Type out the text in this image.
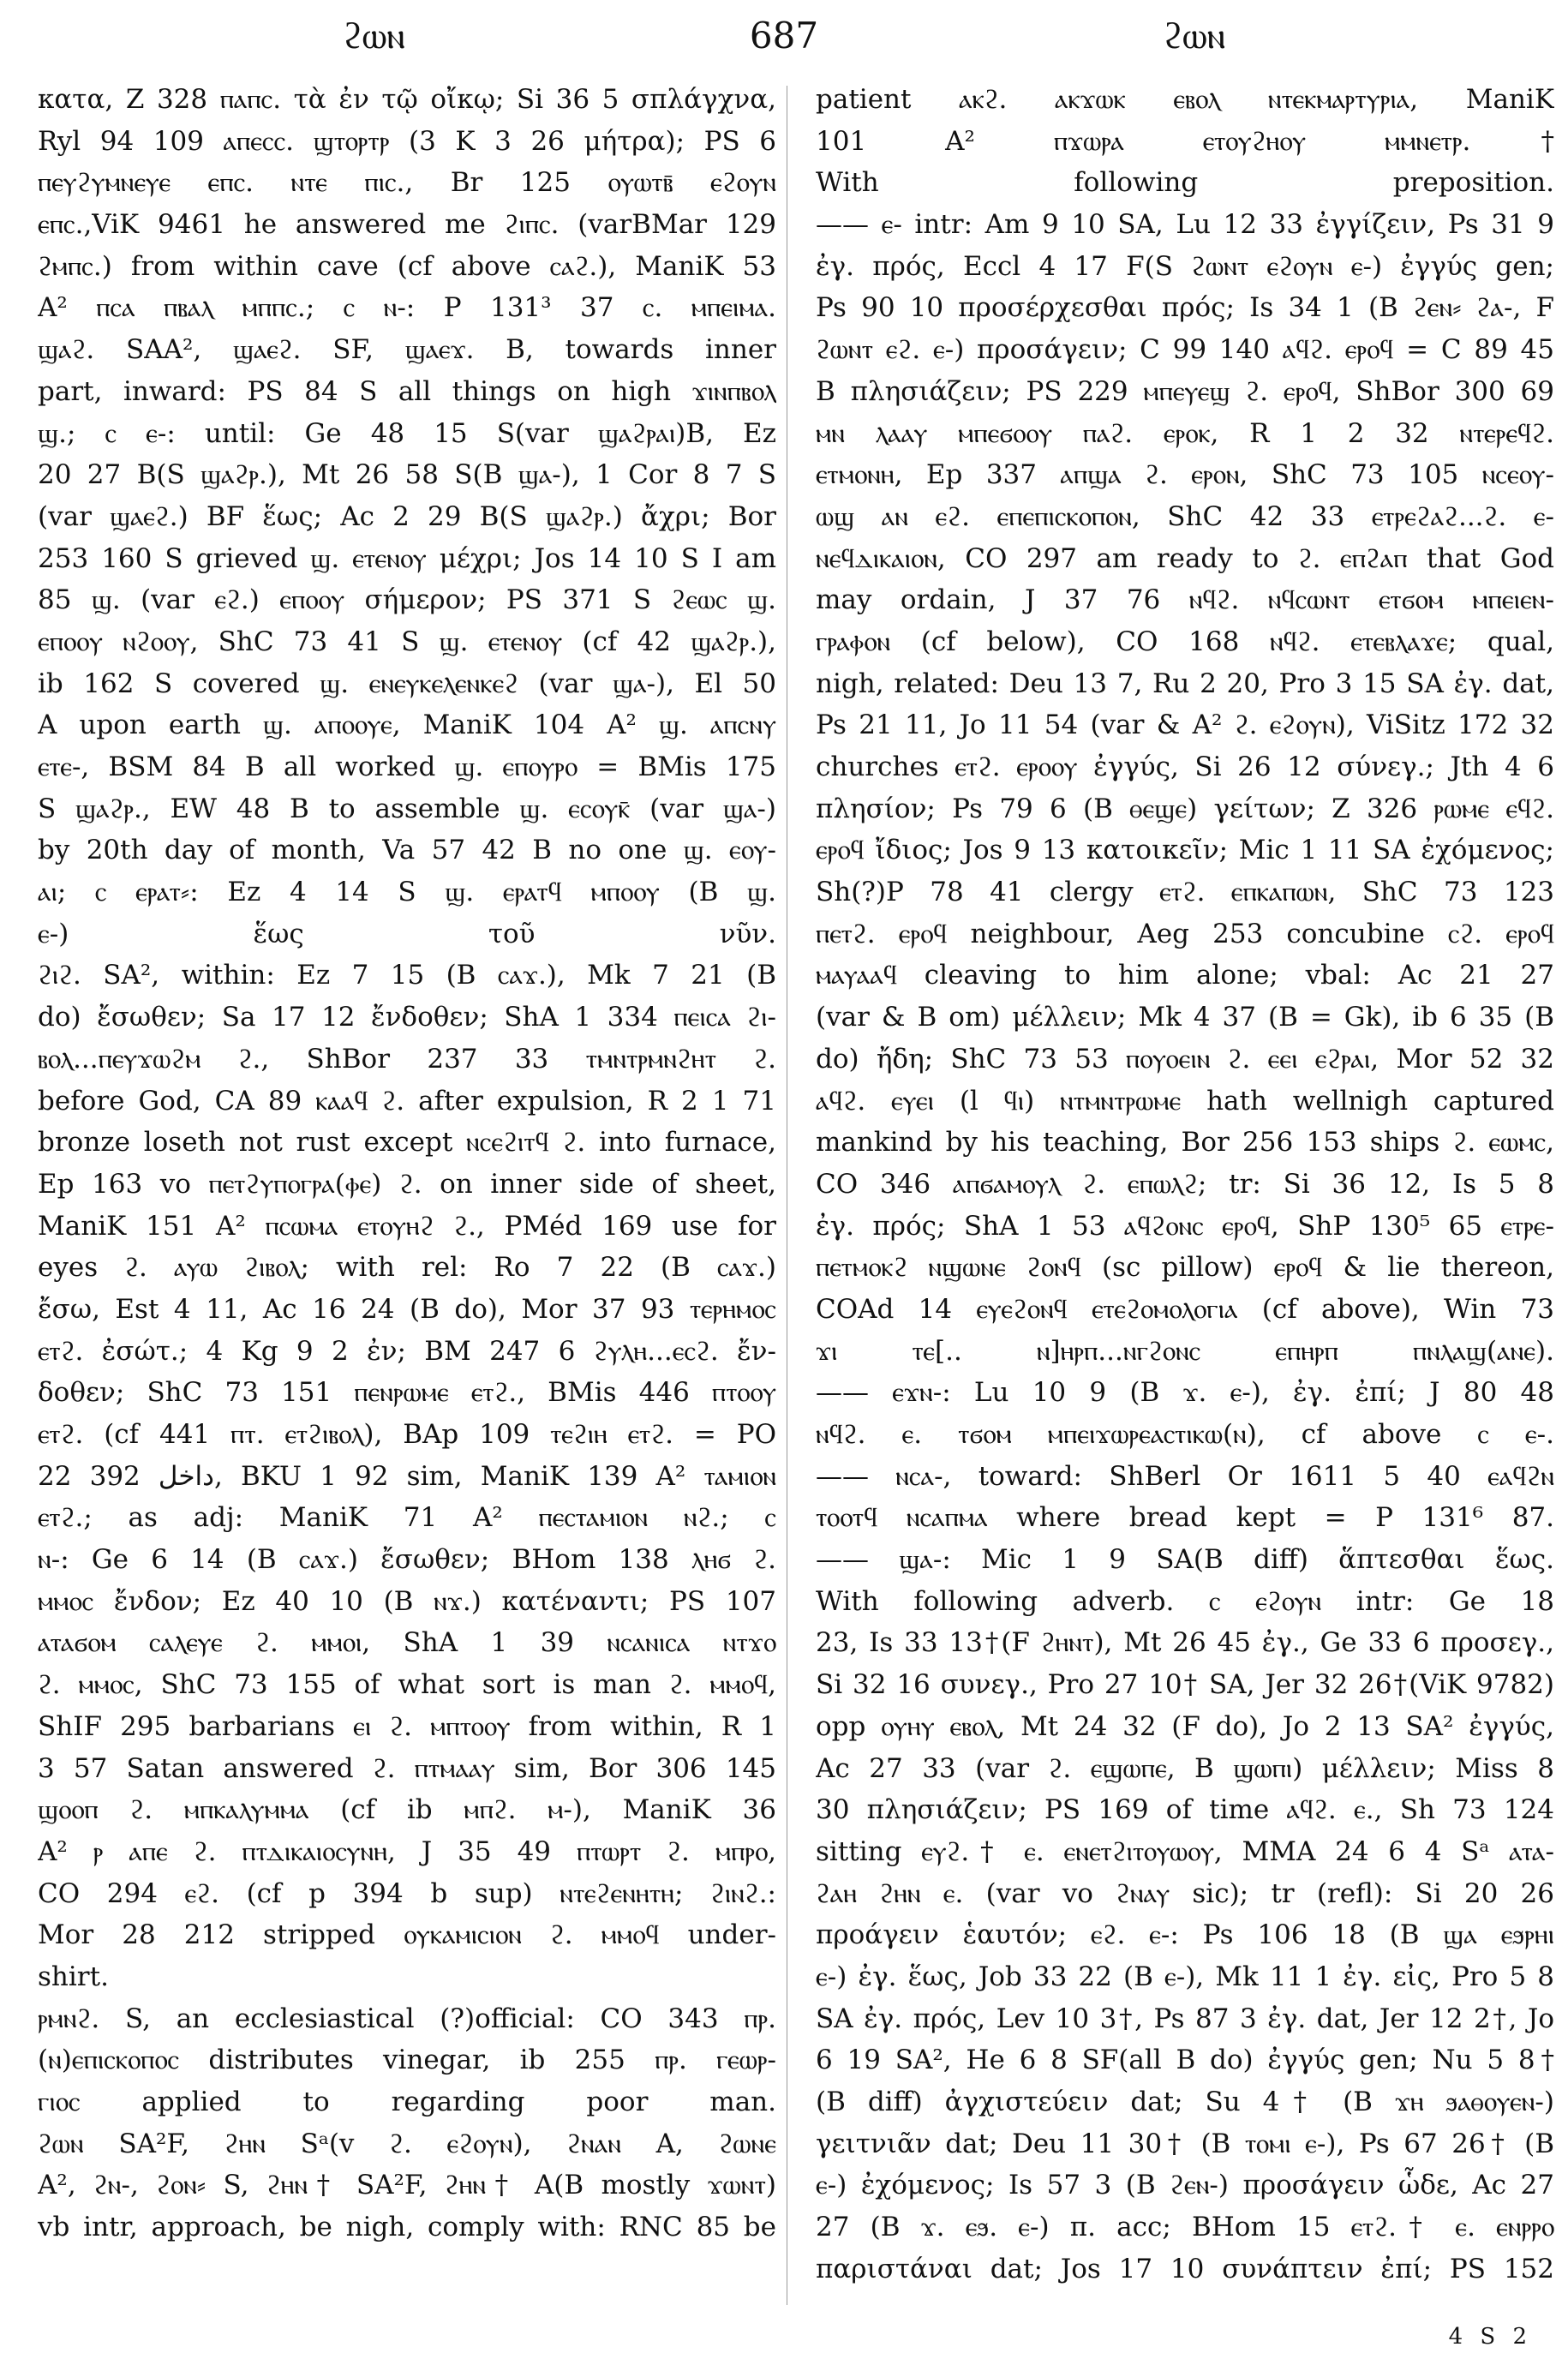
ϩⲱⲛ	687	ϩⲱⲛ
κατα, Z 328 ⲡⲁⲡⲥ. τὰ ἐν τῷ οἴκῳ; Si 36 5 σπλάγχνα,
Ryl 94 109 ⲁⲡⲉⲥⲥ. ϣⲧⲟⲣⲧⲣ (3 K 3 26 μήτρα); PS 6
ⲡⲉⲩϩⲩⲙⲛⲉⲩⲉ ⲉⲡⲥ. ⲛⲧⲉ ⲡⲓⲥ., Br 125 ⲟⲩⲱⲧⲃ̄ ⲉϩⲟⲩⲛ
ⲉⲡⲥ.,ViK 9461 he answered me ϩⲓⲡⲥ. (varBMar 129
ϩⲙⲡⲥ.) from within cave (cf above ⲥⲁϩ.), ManiK 53
A² ⲡⲥⲁ ⲡⲃⲁⲗ ⲙⲡⲡⲥ.; ⲥ ⲛ-: P 131³ 37 ⲥ. ⲙⲡⲉⲓⲙⲁ.
ϣⲁϩ. SAA², ϣⲁⲉϩ. SF, ϣⲁⲉϫ. B, towards inner
part, inward: PS 84 S all things on high ϫⲓⲛⲡⲃⲟⲗ
ϣ.; ⲥ ⲉ-: until: Ge 48 15 S(var ϣⲁϩⲣⲁⲓ)B, Ez
20 27 B(S ϣⲁϩⲣ.), Mt 26 58 S(B ϣⲁ-), 1 Cor 8 7 S
(var ϣⲁⲉϩ.) BF ἕως; Ac 2 29 B(S ϣⲁϩⲣ.) ἄχρι; Bor
253 160 S grieved ϣ. ⲉⲧⲉⲛⲟⲩ μέχρι; Jos 14 10 S I am
85 ϣ. (var ⲉϩ.) ⲉⲡⲟⲟⲩ σήμερον; PS 371 S ϩⲉⲱⲥ ϣ.
ⲉⲡⲟⲟⲩ ⲛϩⲟⲟⲩ, ShC 73 41 S ϣ. ⲉⲧⲉⲛⲟⲩ (cf 42 ϣⲁϩⲣ.),
ib 162 S covered ϣ. ⲉⲛⲉⲩⲕⲉⲗⲉⲛⲕⲉϩ (var ϣⲁ-), El 50
A upon earth ϣ. ⲁⲡⲟⲟⲩⲉ, ManiK 104 A² ϣ. ⲁⲡⲥⲛⲩ
ⲉⲧⲉ-, BSM 84 B all worked ϣ. ⲉⲡⲟⲩⲣⲟ = BMis 175
S ϣⲁϩⲣ., EW 48 B to assemble ϣ. ⲉⲥⲟⲩⲕ̄ (var ϣⲁ-)
by 20th day of month, Va 57 42 B no one ϣ. ⲉⲟⲩ-
ⲁⲓ; ⲥ ⲉⲣⲁⲧ⸗: Ez 4 14 S ϣ. ⲉⲣⲁⲧϥ ⲙⲡⲟⲟⲩ (B ϣ.
ⲉ-) ἕως τοῦ νῦν.
ϩⲓϩ. SA², within: Ez 7 15 (B ⲥⲁϫ.), Mk 7 21 (B
do) ἔσωθεν; Sa 17 12 ἔνδοθεν; ShA 1 334 ⲡⲉⲓⲥⲁ ϩⲓ-
ⲃⲟⲗ...ⲡⲉⲩϫⲱϩⲙ ϩ., ShBor 237 33 ⲧⲙⲛⲧⲣⲙⲛϩⲏⲧ ϩ.
before God, CA 89 ⲕⲁⲁϥ ϩ. after expulsion, R 2 1 71
bronze loseth not rust except ⲛⲥⲉϩⲓⲧϥ ϩ. into furnace,
Ep 163 vo ⲡⲉⲧϩⲩⲡⲟⲅⲣⲁ(ⲫⲉ) ϩ. on inner side of sheet,
ManiK 151 A² ⲡⲥⲱⲙⲁ ⲉⲧⲟⲩⲏϩ ϩ., PMéd 169 use for
eyes ϩ. ⲁⲩⲱ ϩⲓⲃⲟⲗ; with rel: Ro 7 22 (B ⲥⲁϫ.)
ἔσω, Est 4 11, Ac 16 24 (B do), Mor 37 93 ⲧⲉⲣⲏⲙⲟⲥ
ⲉⲧϩ. ἐσώτ.; 4 Kg 9 2 ἐν; BM 247 6 ϩⲩⲗⲏ...ⲉⲥϩ. ἔν-
δοθεν; ShC 73 151 ⲡⲉⲛⲣⲱⲙⲉ ⲉⲧϩ., BMis 446 ⲡⲧⲟⲟⲩ
ⲉⲧϩ. (cf 441 ⲡⲧ. ⲉⲧϩⲓⲃⲟⲗ), BAp 109 ⲧⲉϩⲓⲏ ⲉⲧϩ. = PO
22 392 داخل, BKU 1 92 sim, ManiK 139 A² ⲧⲁⲙⲓⲟⲛ
ⲉⲧϩ.; as adj: ManiK 71 A² ⲡⲉⲥⲧⲁⲙⲓⲟⲛ ⲛϩ.; ⲥ
ⲛ-: Ge 6 14 (B ⲥⲁϫ.) ἔσωθεν; BHom 138 ⲗⲏϭ ϩ.
ⲙⲙⲟⲥ ἔνδον; Ez 40 10 (B ⲛϫ.) κατέναντι; PS 107
ⲁⲧⲁϭⲟⲙ ⲥⲁⲗⲉⲩⲉ ϩ. ⲙⲙⲟⲓ, ShA 1 39 ⲛⲥⲁⲛⲓⲥⲁ ⲛⲧϫⲟ
ϩ. ⲙⲙⲟⲥ, ShC 73 155 of what sort is man ϩ. ⲙⲙⲟϥ,
ShIF 295 barbarians ⲉⲓ ϩ. ⲙⲡⲧⲟⲟⲩ from within, R 1
3 57 Satan answered ϩ. ⲡⲧⲙⲁⲁⲩ sim, Bor 306 145
ϣⲟⲟⲡ ϩ. ⲙⲡⲕⲁⲗⲩⲙⲙⲁ (cf ib ⲙⲡϩ. ⲙ-), ManiK 36
A² ⲣ ⲁⲡⲉ ϩ. ⲡⲧⲇⲓⲕⲁⲓⲟⲥⲩⲛⲏ, J 35 49 ⲡⲧⲱⲣⲧ ϩ. ⲙⲡⲣⲟ,
CO 294 ⲉϩ. (cf p 394 b sup) ⲛⲧⲉϩⲉⲛⲏⲧⲏ; ϩⲓⲛϩ.:
Mor 28 212 stripped ⲟⲩⲕⲁⲙⲓⲥⲓⲟⲛ ϩ. ⲙⲙⲟϥ under-
shirt.
ⲣⲙⲛϩ. S, an ecclesiastical (?)official: CO 343 ⲡⲣ.
(ⲛ)ⲉⲡⲓⲥⲕⲟⲡⲟⲥ distributes vinegar, ib 255 ⲡⲣ. ⲅⲉⲱⲣ-
ⲅⲓⲟⲥ applied to regarding poor man.
ϩⲱⲛ SA²F, ϩⲏⲛ Sᵃ(v ϩ. ⲉϩⲟⲩⲛ), ϩⲛⲁⲛ A, ϩⲱⲛⲉ
A², ϩⲛ-, ϩⲟⲛ⸗ S, ϩⲏⲛ† SA²F, ϩⲏⲛ† A(B mostly ϫⲱⲛⲧ)
vb intr, approach, be nigh, comply with: RNC 85 be
patient ⲁⲕϩ. ⲁⲕϫⲱⲕ ⲉⲃⲟⲗ ⲛⲧⲉⲕⲙⲁⲣⲧⲩⲣⲓⲁ, ManiK
101 A² ⲡϫⲱⲣⲁ ⲉⲧⲟⲩϩⲏⲟⲩ ⲙⲙⲛⲉⲧⲣ.†
With following preposition.
—— ⲉ- intr: Am 9 10 SA, Lu 12 33 ἐγγίζειν, Ps 31 9
ἐγ. πρός, Eccl 4 17 F(S ϩⲱⲛⲧ ⲉϩⲟⲩⲛ ⲉ-) ἐγγύς gen;
Ps 90 10 προσέρχεσθαι πρός; Is 34 1 (B ϩⲉⲛ⸗ ϩⲁ-, F
ϩⲱⲛⲧ ⲉϩ. ⲉ-) προσάγειν; C 99 140 ⲁϥϩ. ⲉⲣⲟϥ = C 89 45
B πλησιάζειν; PS 229 ⲙⲡⲉⲩⲉϣ ϩ. ⲉⲣⲟϥ, ShBor 300 69
ⲙⲛ ⲗⲁⲁⲩ ⲙⲡⲉϭⲟⲟⲩ ⲡⲁϩ. ⲉⲣⲟⲕ, R 1 2 32 ⲛⲧⲉⲣⲉϥϩ.
ⲉⲧⲙⲟⲛⲏ, Ep 337 ⲁⲡϣⲁ ϩ. ⲉⲣⲟⲛ, ShC 73 105 ⲛⲥⲉⲟⲩ-
ⲱϣ ⲁⲛ ⲉϩ. ⲉⲡⲉⲡⲓⲥⲕⲟⲡⲟⲛ, ShC 42 33 ⲉⲧⲣⲉϩⲁϩ...ϩ. ⲉ-
ⲛⲉϥⲇⲓⲕⲁⲓⲟⲛ, CO 297 am ready to ϩ. ⲉⲡϩⲁⲡ that God
may ordain, J 37 76 ⲛϥϩ. ⲛϥⲥⲱⲛⲧ ⲉⲧϭⲟⲙ ⲙⲡⲉⲓⲉⲛ-
ⲅⲣⲁⲫⲟⲛ (cf below), CO 168 ⲛϥϩ. ⲉⲧⲉⲃⲗⲁϫⲉ; qual,
nigh, related: Deu 13 7, Ru 2 20, Pro 3 15 SA ἐγ. dat,
Ps 21 11, Jo 11 54 (var & A² ϩ. ⲉϩⲟⲩⲛ), ViSitz 172 32
churches ⲉⲧϩ. ⲉⲣⲟⲟⲩ ἐγγύς, Si 26 12 σύνεγ.; Jth 4 6
πλησίον; Ps 79 6 (B ⲑⲉϣⲉ) γείτων; Z 326 ⲣⲱⲙⲉ ⲉϥϩ.
ⲉⲣⲟϥ ἴδιος; Jos 9 13 κατοικεῖν; Mic 1 11 SA ἐχόμενος;
Sh(?)P 78 41 clergy ⲉⲧϩ. ⲉⲡⲕⲁⲡⲱⲛ, ShC 73 123
ⲡⲉⲧϩ. ⲉⲣⲟϥ neighbour, Aeg 253 concubine ⲥϩ. ⲉⲣⲟϥ
ⲙⲁⲩⲁⲁϥ cleaving to him alone; vbal: Ac 21 27
(var & B om) μέλλειν; Mk 4 37 (B = Gk), ib 6 35 (B
do) ἤδη; ShC 73 53 ⲡⲟⲩⲟⲉⲓⲛ ϩ. ⲉⲉⲓ ⲉϩⲣⲁⲓ, Mor 52 32
ⲁϥϩ. ⲉⲩⲉⲓ (l ϥⲓ) ⲛⲧⲙⲛⲧⲣⲱⲙⲉ hath wellnigh captured
mankind by his teaching, Bor 256 153 ships ϩ. ⲉⲱⲙⲥ,
CO 346 ⲁⲡϭⲁⲙⲟⲩⲗ ϩ. ⲉⲡⲱⲗϩ; tr: Si 36 12, Is 5 8
ἐγ. πρός; ShA 1 53 ⲁϥϩⲟⲛⲥ ⲉⲣⲟϥ, ShP 130⁵ 65 ⲉⲧⲣⲉ-
ⲡⲉⲧⲙⲟⲕϩ ⲛϣⲱⲛⲉ ϩⲟⲛϥ (sc pillow) ⲉⲣⲟϥ & lie thereon,
COAd 14 ⲉⲩⲉϩⲟⲛϥ ⲉⲧⲉϩⲟⲙⲟⲗⲟⲅⲓⲁ (cf above), Win 73
ϫⲓ ⲧⲉ[.. ⲛ]ⲏⲣⲡ...ⲛⲅϩⲟⲛⲥ ⲉⲡⲏⲣⲡ ⲡⲛⲗⲁϣ(ⲁⲛⲉ).
—— ⲉϫⲛ-: Lu 10 9 (B ϫ. ⲉ-), ἐγ. ἐπί; J 80 48
ⲛϥϩ. ⲉ. ⲧϭⲟⲙ ⲙⲡⲉⲓϫⲱⲣⲉⲁⲥⲧⲓⲕⲱ(ⲛ), cf above ⲥ ⲉ-.
—— ⲛⲥⲁ-, toward: ShBerl Or 1611 5 40 ⲉⲁϥϩⲛ
ⲧⲟⲟⲧϥ ⲛⲥⲁⲡⲙⲁ where bread kept = P 131⁶ 87.
—— ϣⲁ-: Mic 1 9 SA(B diff) ἅπτεσθαι ἕως.
With following adverb. ⲥ ⲉϩⲟⲩⲛ intr: Ge 18
23, Is 33 13†(F ϩⲏⲛⲧ), Mt 26 45 ἐγ., Ge 33 6 προσεγ.,
Si 32 16 συνεγ., Pro 27 10† SA, Jer 32 26†(ViK 9782)
opp ⲟⲩⲏⲩ ⲉⲃⲟⲗ, Mt 24 32 (F do), Jo 2 13 SA² ἐγγύς,
Ac 27 33 (var ϩ. ⲉϣⲱⲡⲉ, B ϣⲱⲡⲓ) μέλλειν; Miss 8
30 πλησιάζειν; PS 169 of time ⲁϥϩ. ⲉ., Sh 73 124
sitting ⲉⲩϩ.† ⲉ. ⲉⲛⲉⲧϩⲓⲧⲟⲩⲱⲟⲩ, MMA 24 6 4 Sᵃ ⲁⲧⲁ-
ϩⲁⲏ ϩⲏⲛ ⲉ. (var vo ϩⲛⲁⲩ sic); tr (refl): Si 20 26
προάγειν ἑαυτόν; ⲉϩ. ⲉ-: Ps 106 18 (B ϣⲁ ⲉϧⲣⲏⲓ
ⲉ-) ἐγ. ἕως, Job 33 22 (B ⲉ-), Mk 11 1 ἐγ. εἰς, Pro 5 8
SA ἐγ. πρός, Lev 10 3†, Ps 87 3 ἐγ. dat, Jer 12 2†, Jo
6 19 SA², He 6 8 SF(all B do) ἐγγύς gen; Nu 5 8†
(B diff) ἀγχιστεύειν dat; Su 4† (B ϫⲏ ϧⲁⲑⲟⲩⲉⲛ-)
γειτνιᾶν dat; Deu 11 30† (B ⲧⲟⲙⲓ ⲉ-), Ps 67 26† (B
ⲉ-) ἐχόμενος; Is 57 3 (B ϩⲉⲛ-) προσάγειν ὧδε, Ac 27
27 (B ϫ. ⲉϧ. ⲉ-) π. acc; BHom 15 ⲉⲧϩ.† ⲉ. ⲉⲛⲣⲣⲟ
παριστάναι dat; Jos 17 10 συνάπτειν ἐπί; PS 152
4 S 2
